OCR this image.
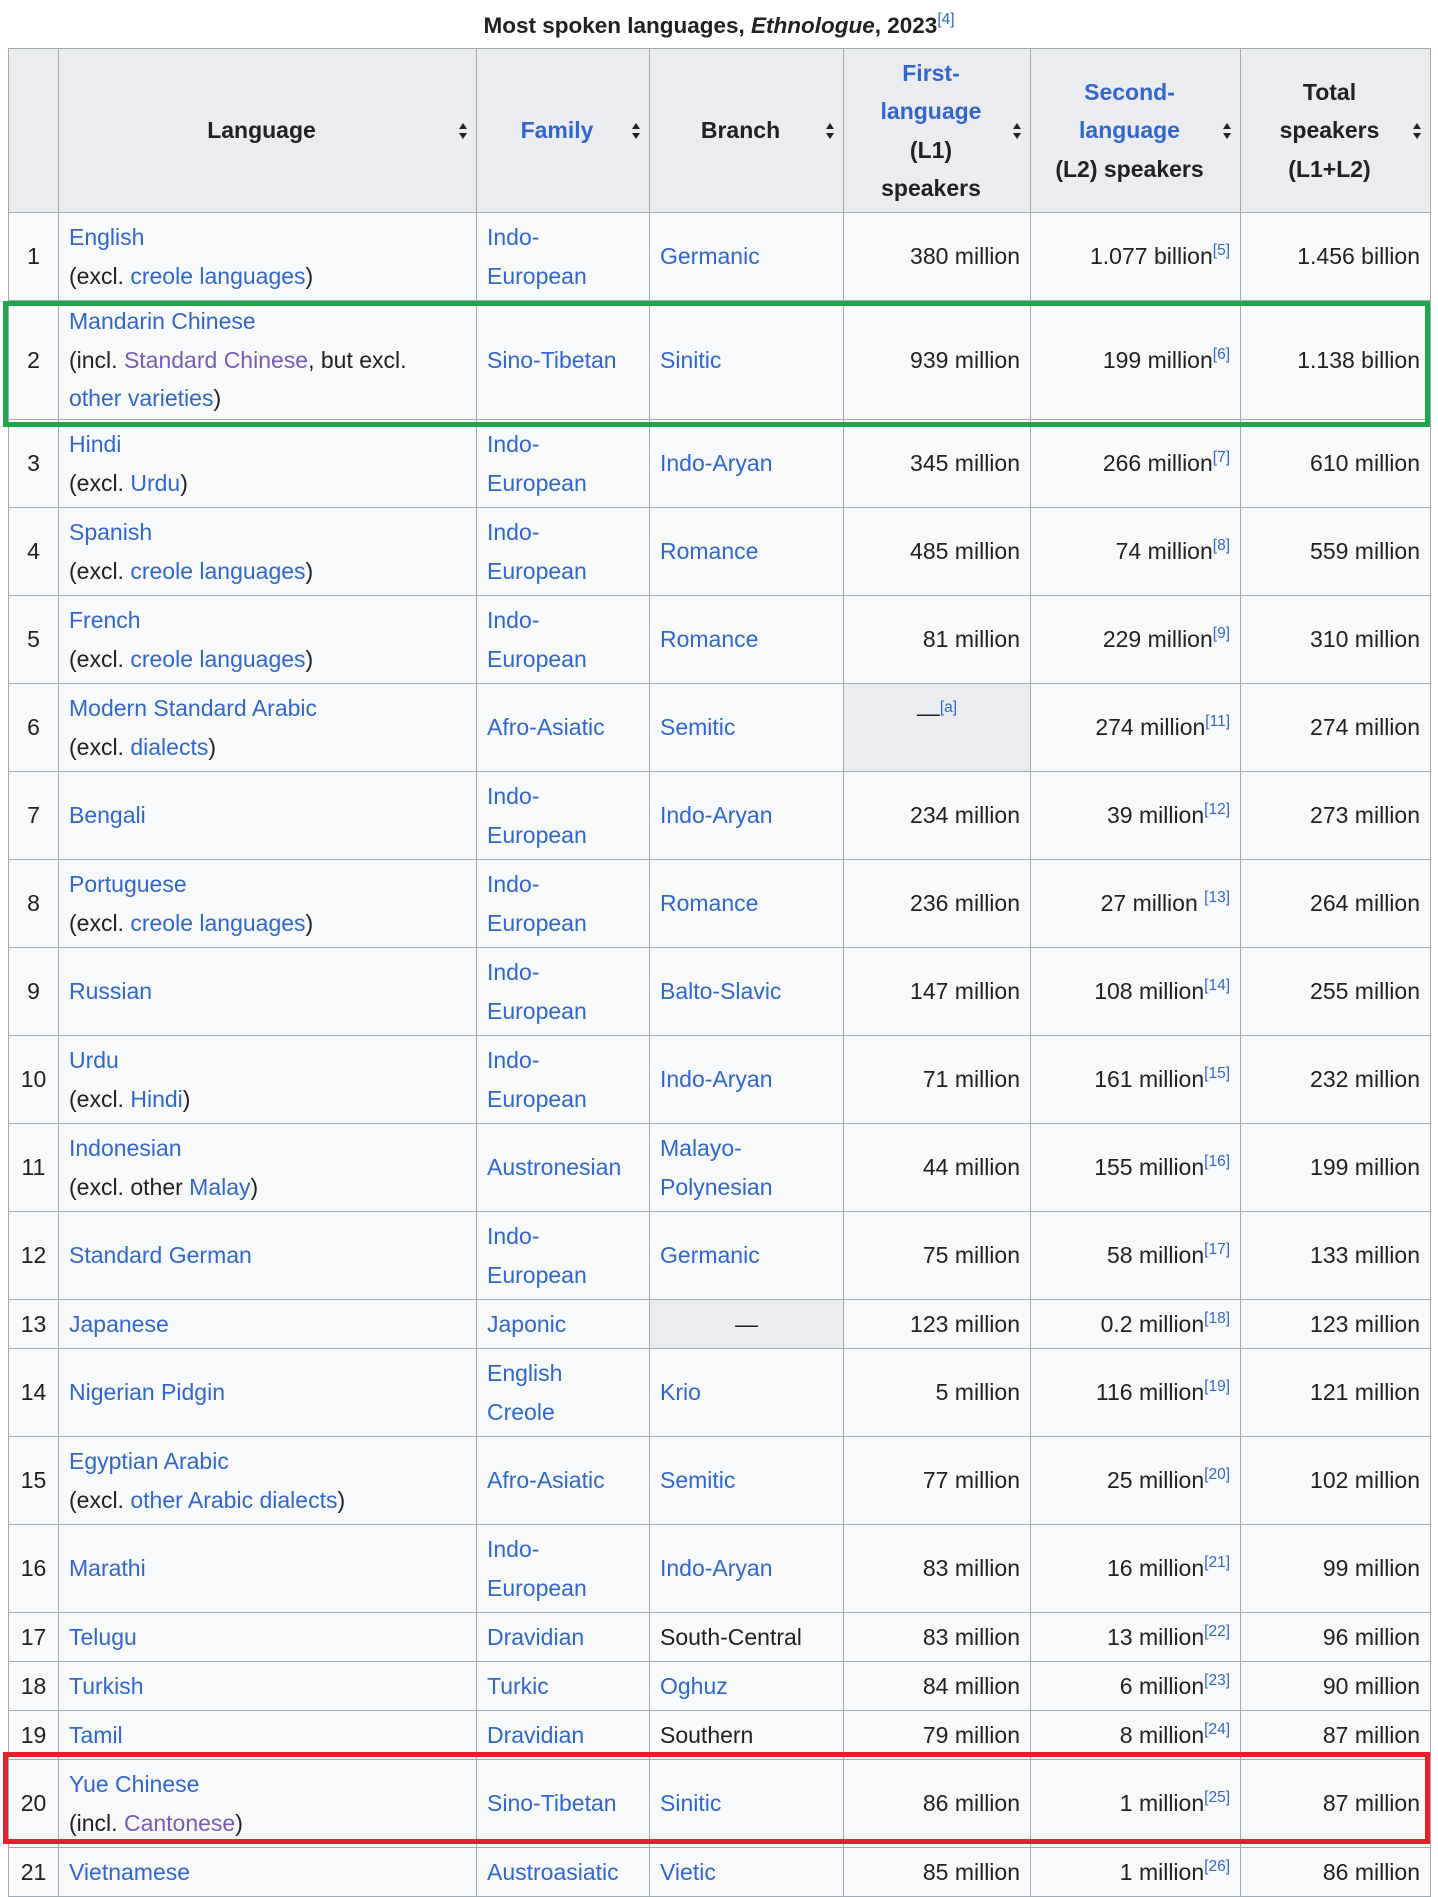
Most spoken languages, Ethnologue, 2023[4]
	Language	Family	Branch	First-
language
(L1)
speakers	Second-
language
(L2) speakers	Total
speakers
(L1+L2)

1	English
(excl. creole languages)	Indo-
European	Germanic	380 million	1.077 billion[5]	1.456 billion
2	Mandarin Chinese
(incl. Standard Chinese, but excl.
other varieties)	Sino-Tibetan	Sinitic	939 million	199 million[6]	1.138 billion
3	Hindi
(excl. Urdu)	Indo-
European	Indo-Aryan	345 million	266 million[7]	610 million
4	Spanish
(excl. creole languages)	Indo-
European	Romance	485 million	74 million[8]	559 million
5	French
(excl. creole languages)	Indo-
European	Romance	81 million	229 million[9]	310 million
6	Modern Standard Arabic
(excl. dialects)	Afro-Asiatic	Semitic	—[a]	274 million[11]	274 million
7	Bengali	Indo-
European	Indo-Aryan	234 million	39 million[12]	273 million
8	Portuguese
(excl. creole languages)	Indo-
European	Romance	236 million	27 million [13]	264 million
9	Russian	Indo-
European	Balto-Slavic	147 million	108 million[14]	255 million
10	Urdu
(excl. Hindi)	Indo-
European	Indo-Aryan	71 million	161 million[15]	232 million
11	Indonesian
(excl. other Malay)	Austronesian	Malayo-
Polynesian	44 million	155 million[16]	199 million
12	Standard German	Indo-
European	Germanic	75 million	58 million[17]	133 million
13	Japanese	Japonic	—	123 million	0.2 million[18]	123 million
14	Nigerian Pidgin	English
Creole	Krio	5 million	116 million[19]	121 million
15	Egyptian Arabic
(excl. other Arabic dialects)	Afro-Asiatic	Semitic	77 million	25 million[20]	102 million
16	Marathi	Indo-
European	Indo-Aryan	83 million	16 million[21]	99 million
17	Telugu	Dravidian	South-Central	83 million	13 million[22]	96 million
18	Turkish	Turkic	Oghuz	84 million	6 million[23]	90 million
19	Tamil	Dravidian	Southern	79 million	8 million[24]	87 million
20	Yue Chinese
(incl. Cantonese)	Sino-Tibetan	Sinitic	86 million	1 million[25]	87 million
21	Vietnamese	Austroasiatic	Vietic	85 million	1 million[26]	86 million
